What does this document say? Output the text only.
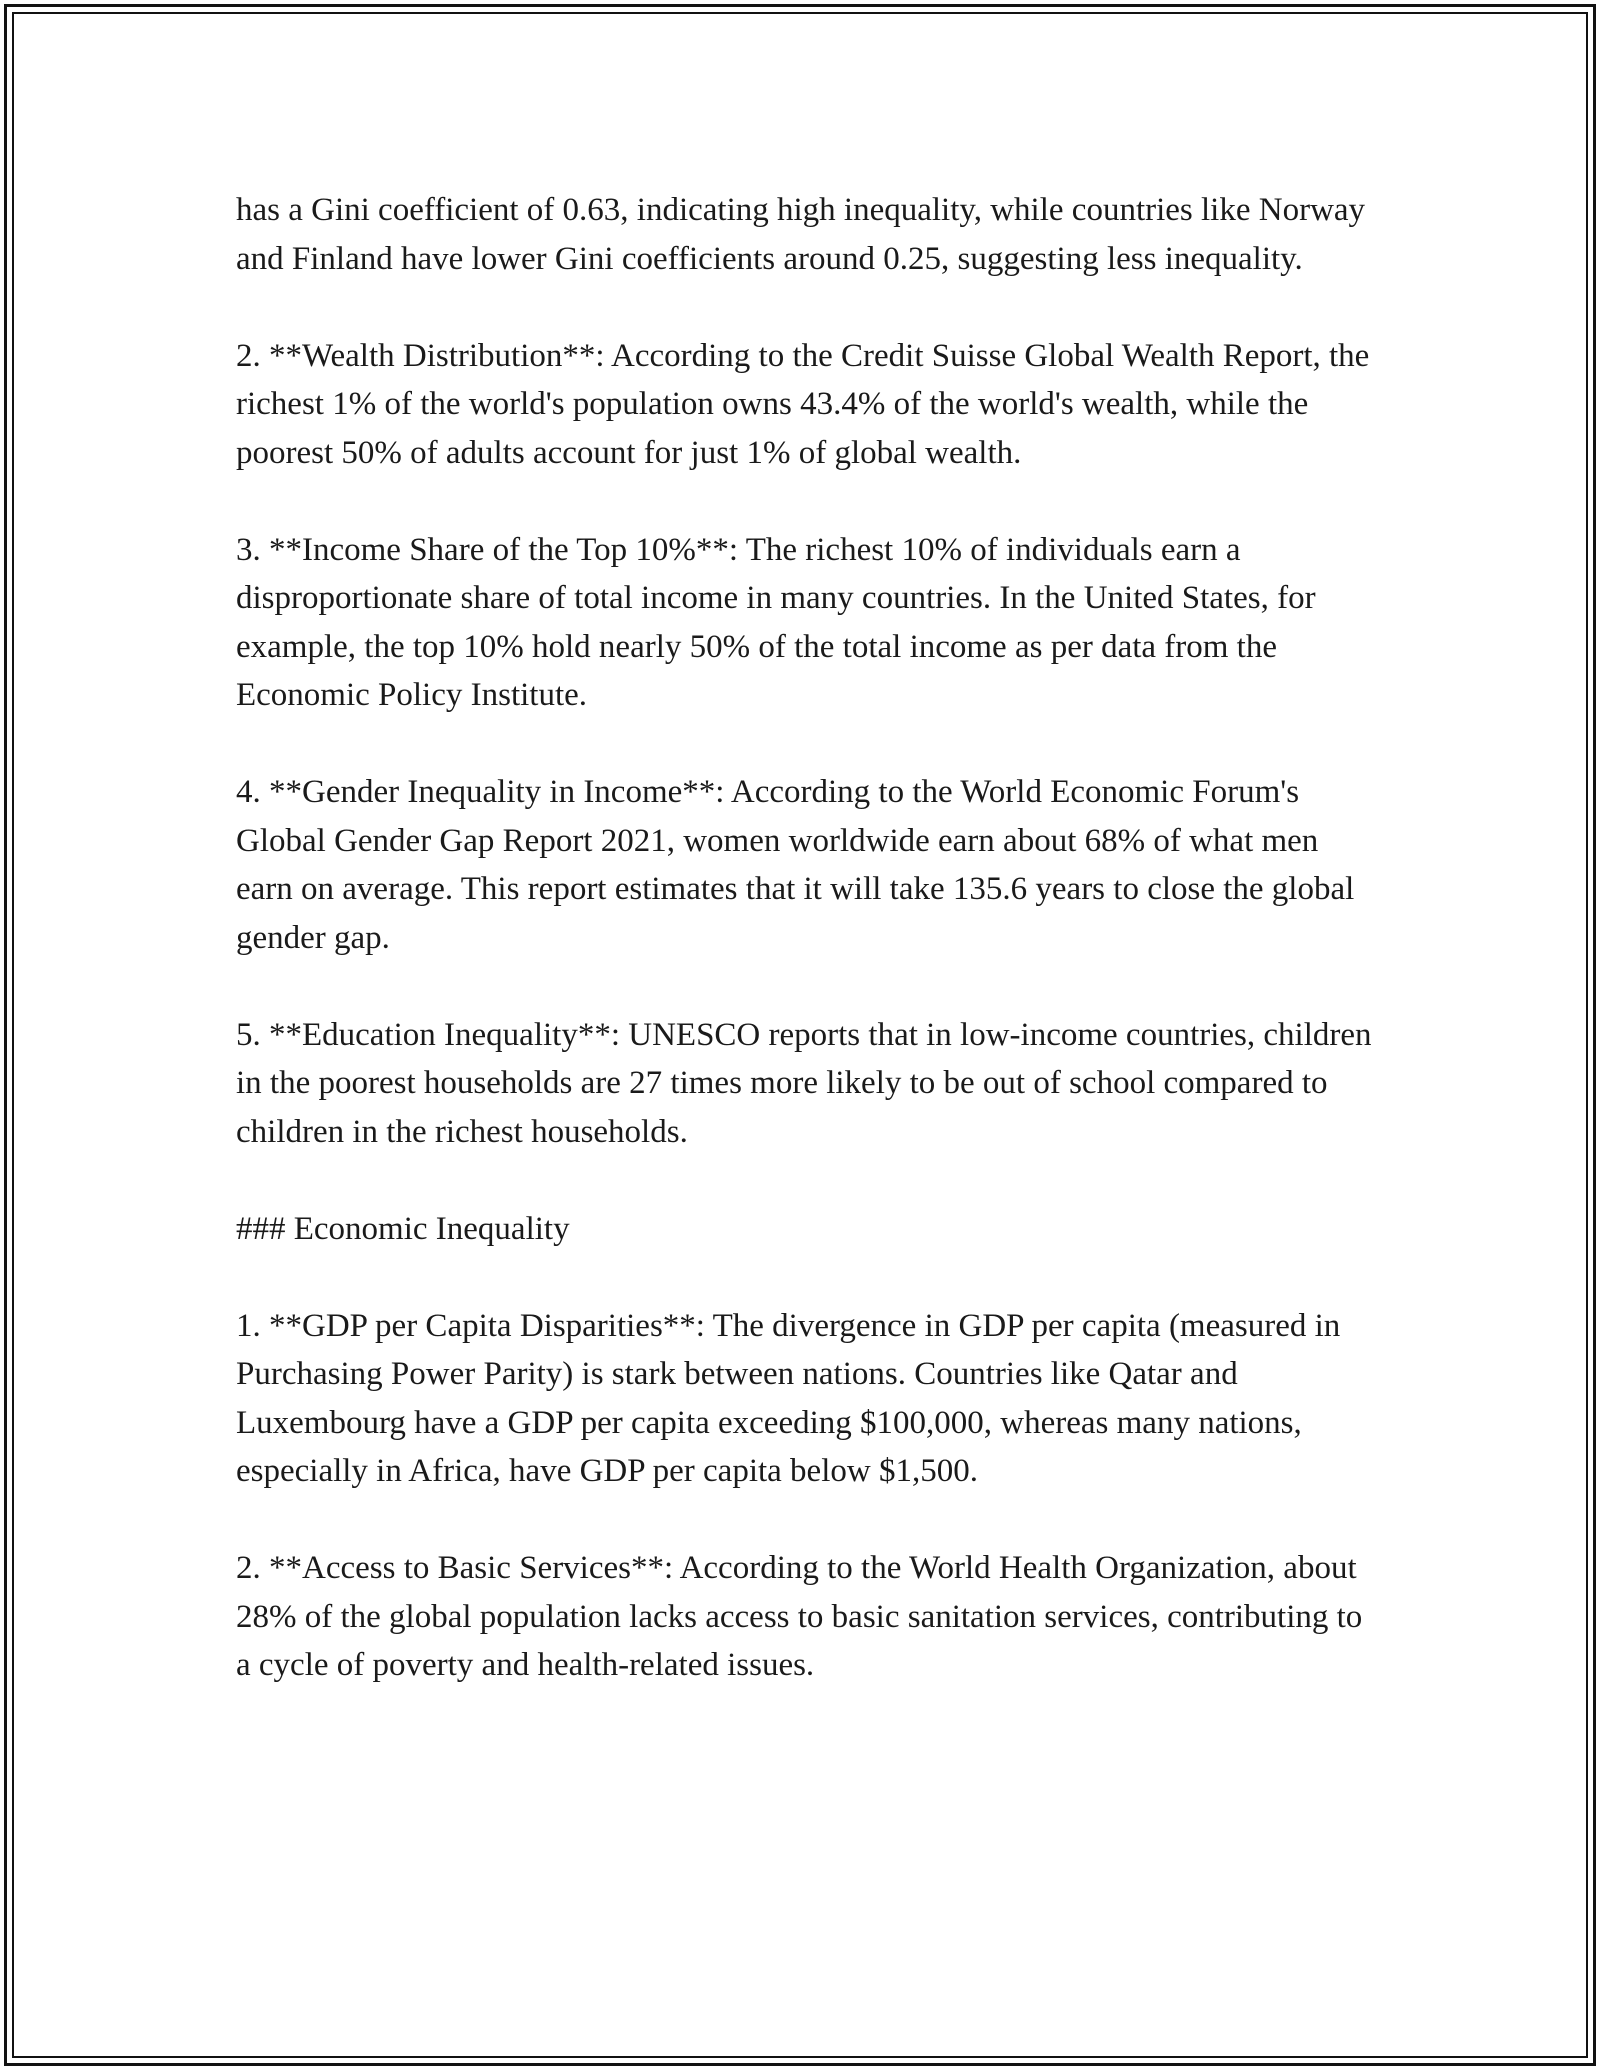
has a Gini coefficient of 0.63, indicating high inequality, while countries like Norway and Finland have lower Gini coefficients around 0.25, suggesting less inequality.

2. **Wealth Distribution**: According to the Credit Suisse Global Wealth Report, the richest 1% of the world's population owns 43.4% of the world's wealth, while the poorest 50% of adults account for just 1% of global wealth.

3. **Income Share of the Top 10%**: The richest 10% of individuals earn a disproportionate share of total income in many countries. In the United States, for example, the top 10% hold nearly 50% of the total income as per data from the Economic Policy Institute.

4. **Gender Inequality in Income**: According to the World Economic Forum's Global Gender Gap Report 2021, women worldwide earn about 68% of what men earn on average. This report estimates that it will take 135.6 years to close the global gender gap.

5. **Education Inequality**: UNESCO reports that in low-income countries, children in the poorest households are 27 times more likely to be out of school compared to children in the richest households.

### Economic Inequality

1. **GDP per Capita Disparities**: The divergence in GDP per capita (measured in Purchasing Power Parity) is stark between nations. Countries like Qatar and Luxembourg have a GDP per capita exceeding $100,000, whereas many nations, especially in Africa, have GDP per capita below $1,500.

2. **Access to Basic Services**: According to the World Health Organization, about 28% of the global population lacks access to basic sanitation services, contributing to a cycle of poverty and health-related issues.
